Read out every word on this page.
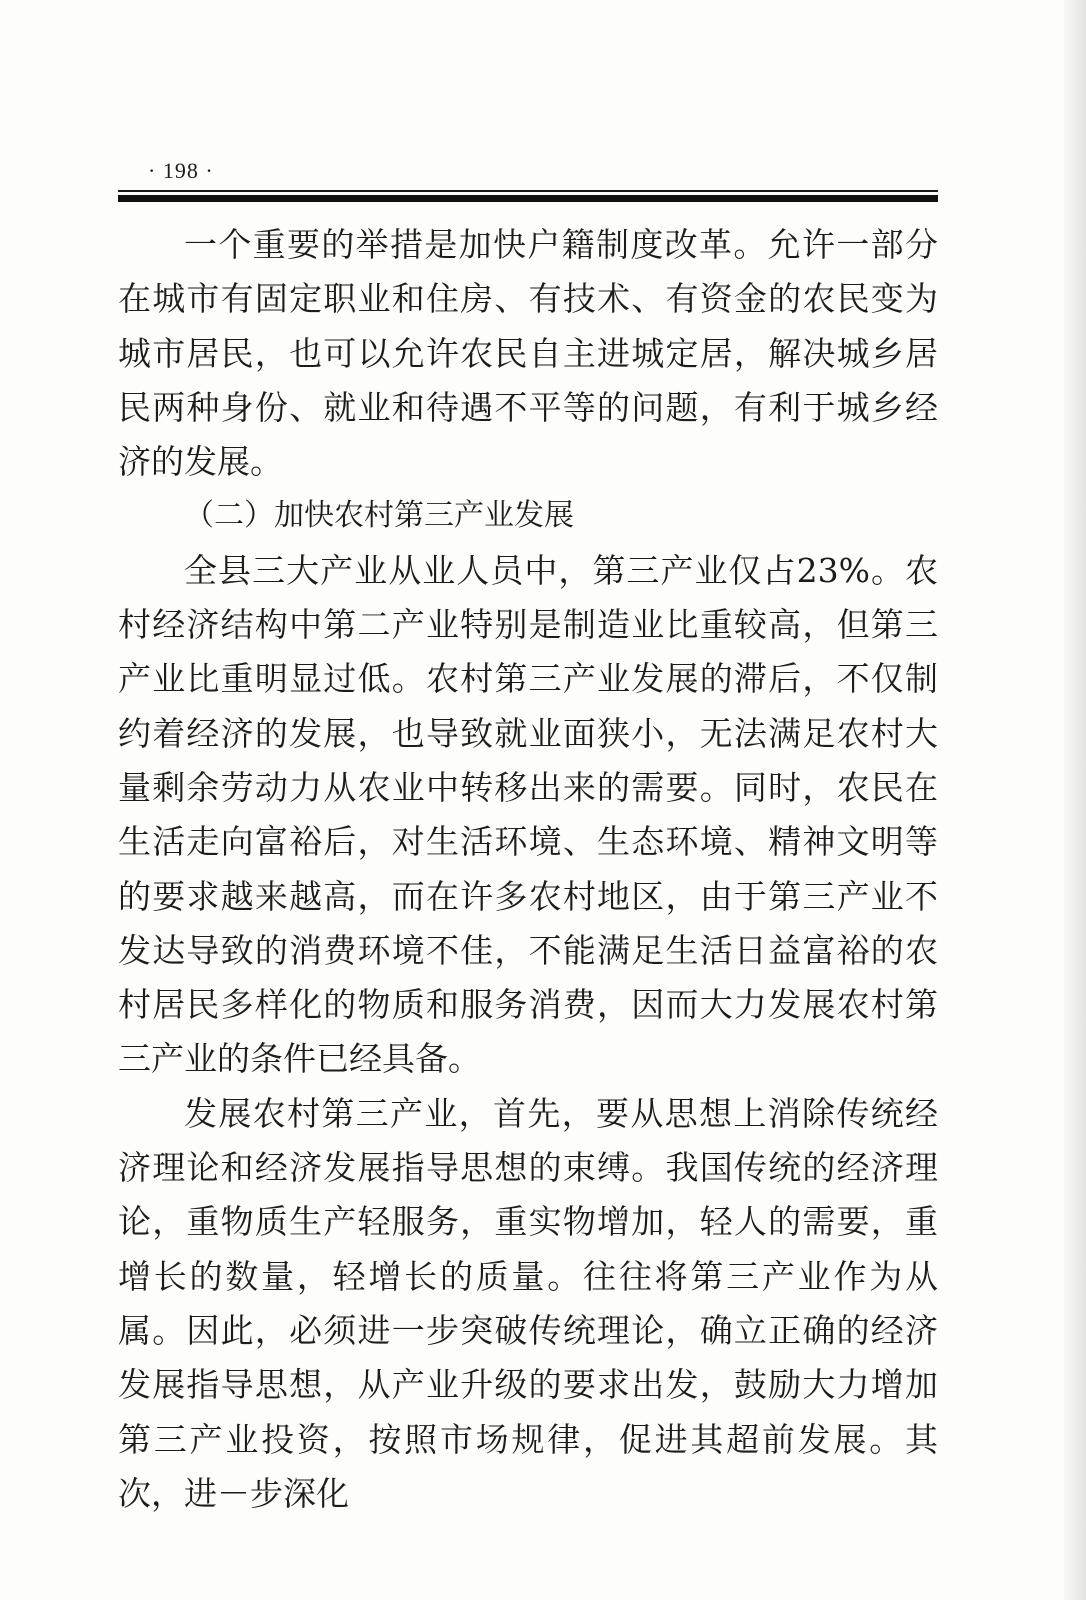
· 198 ·

一个重要的举措是加快户籍制度改革。允许一部分在城市有固定职业和住房、有技术、有资金的农民变为城市居民，也可以允许农民自主进城定居，解决城乡居民两种身份、就业和待遇不平等的问题，有利于城乡经济的发展。

（二）加快农村第三产业发展

全县三大产业从业人员中，第三产业仅占23%。农村经济结构中第二产业特别是制造业比重较高，但第三产业比重明显过低。农村第三产业发展的滞后，不仅制约着经济的发展，也导致就业面狭小，无法满足农村大量剩余劳动力从农业中转移出来的需要。同时，农民在生活走向富裕后，对生活环境、生态环境、精神文明等的要求越来越高，而在许多农村地区，由于第三产业不发达导致的消费环境不佳，不能满足生活日益富裕的农村居民多样化的物质和服务消费，因而大力发展农村第三产业的条件已经具备。

发展农村第三产业，首先，要从思想上消除传统经济理论和经济发展指导思想的束缚。我国传统的经济理论，重物质生产轻服务，重实物增加，轻人的需要，重增长的数量，轻增长的质量。往往将第三产业作为从属。因此，必须进一步突破传统理论，确立正确的经济发展指导思想，从产业升级的要求出发，鼓励大力增加第三产业投资，按照市场规律，促进其超前发展。其次，进－步深化
